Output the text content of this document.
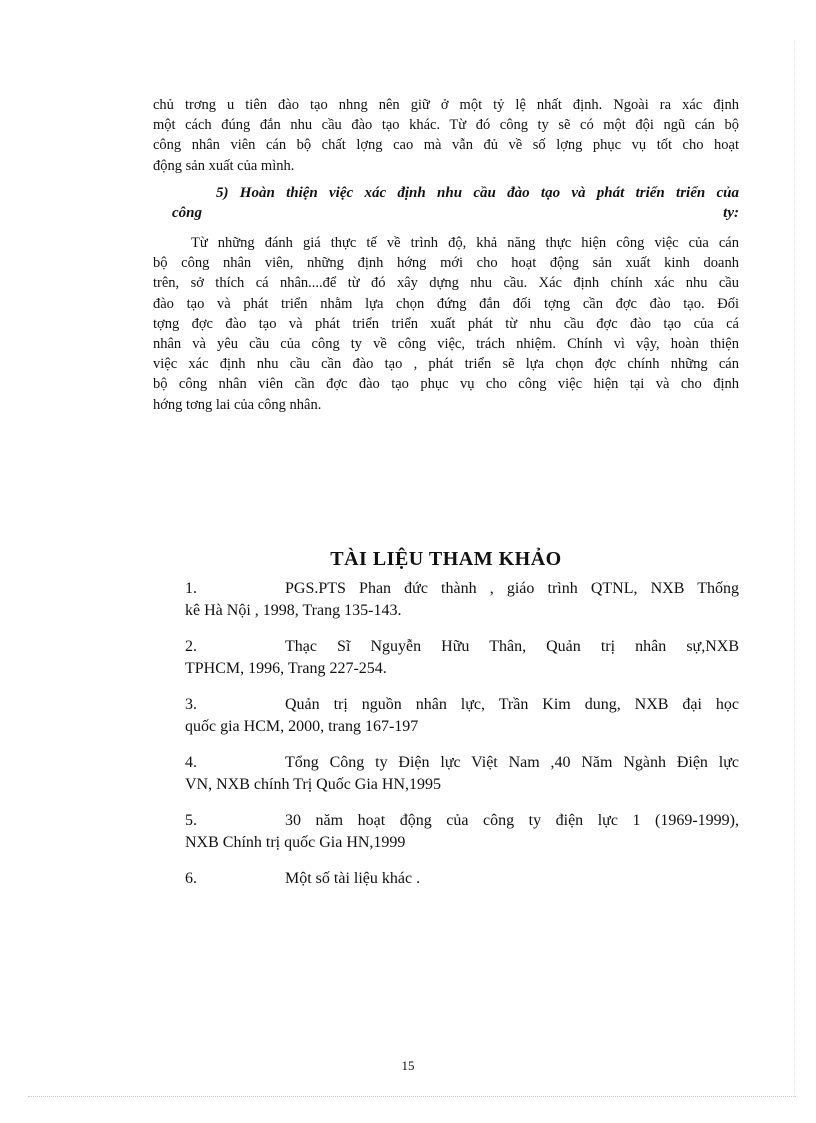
chủ trơng u tiên đào tạo nhng nên giữ ở một tỷ lệ nhất định. Ngoài ra xác định
một cách đúng đắn nhu cầu đào tạo khác. Từ đó công ty sẽ có một đội ngũ cán bộ
công nhân viên cán bộ chất lợng cao mà vẫn đủ về số lợng phục vụ tốt cho hoạt
động sản xuất của mình.
5) Hoàn thiện việc xác định nhu cầu đào tạo và phát triển triển của
công ty:
Từ những đánh giá thực tế về trình độ, khả năng thực hiện công việc của cán
bộ công nhân viên, những định hớng mới cho hoạt động sản xuất kinh doanh
trên, sở thích cá nhân....để từ đó xây dựng nhu cầu. Xác định chính xác nhu cầu
đào tạo và phát triển nhằm lựa chọn đứng đắn đối tợng cần đợc đào tạo. Đối
tợng đợc đào tạo và phát triển triển xuất phát từ nhu cầu đợc đào tạo của cá
nhân và yêu cầu của công ty về công việc, trách nhiệm. Chính vì vậy, hoàn thiện
việc xác định nhu cầu cần đào tạo , phát triển sẽ lựa chọn đợc chính những cán
bộ công nhân viên cần đợc đào tạo phục vụ cho công việc hiện tại và cho định
hớng tơng lai của công nhân.
TÀI LIỆU THAM KHẢO
1.	PGS.PTS Phan đức thành , giáo trình QTNL, NXB Thống
kê Hà Nội , 1998, Trang 135-143.
2.	Thạc Sĩ Nguyễn Hữu Thân, Quản trị nhân sự,NXB
TPHCM, 1996, Trang 227-254.
3.	Quản trị nguồn nhân lực, Trần Kim dung, NXB đại học
quốc gia HCM, 2000, trang 167-197
4.	Tổng Công ty Điện lực Việt Nam ,40 Năm Ngành Điện lực
VN, NXB chính Trị Quốc Gia HN,1995
5.	30 năm hoạt động của công ty điện lực 1 (1969-1999),
NXB Chính trị quốc Gia HN,1999
6.	Một số tài liệu khác .
15
